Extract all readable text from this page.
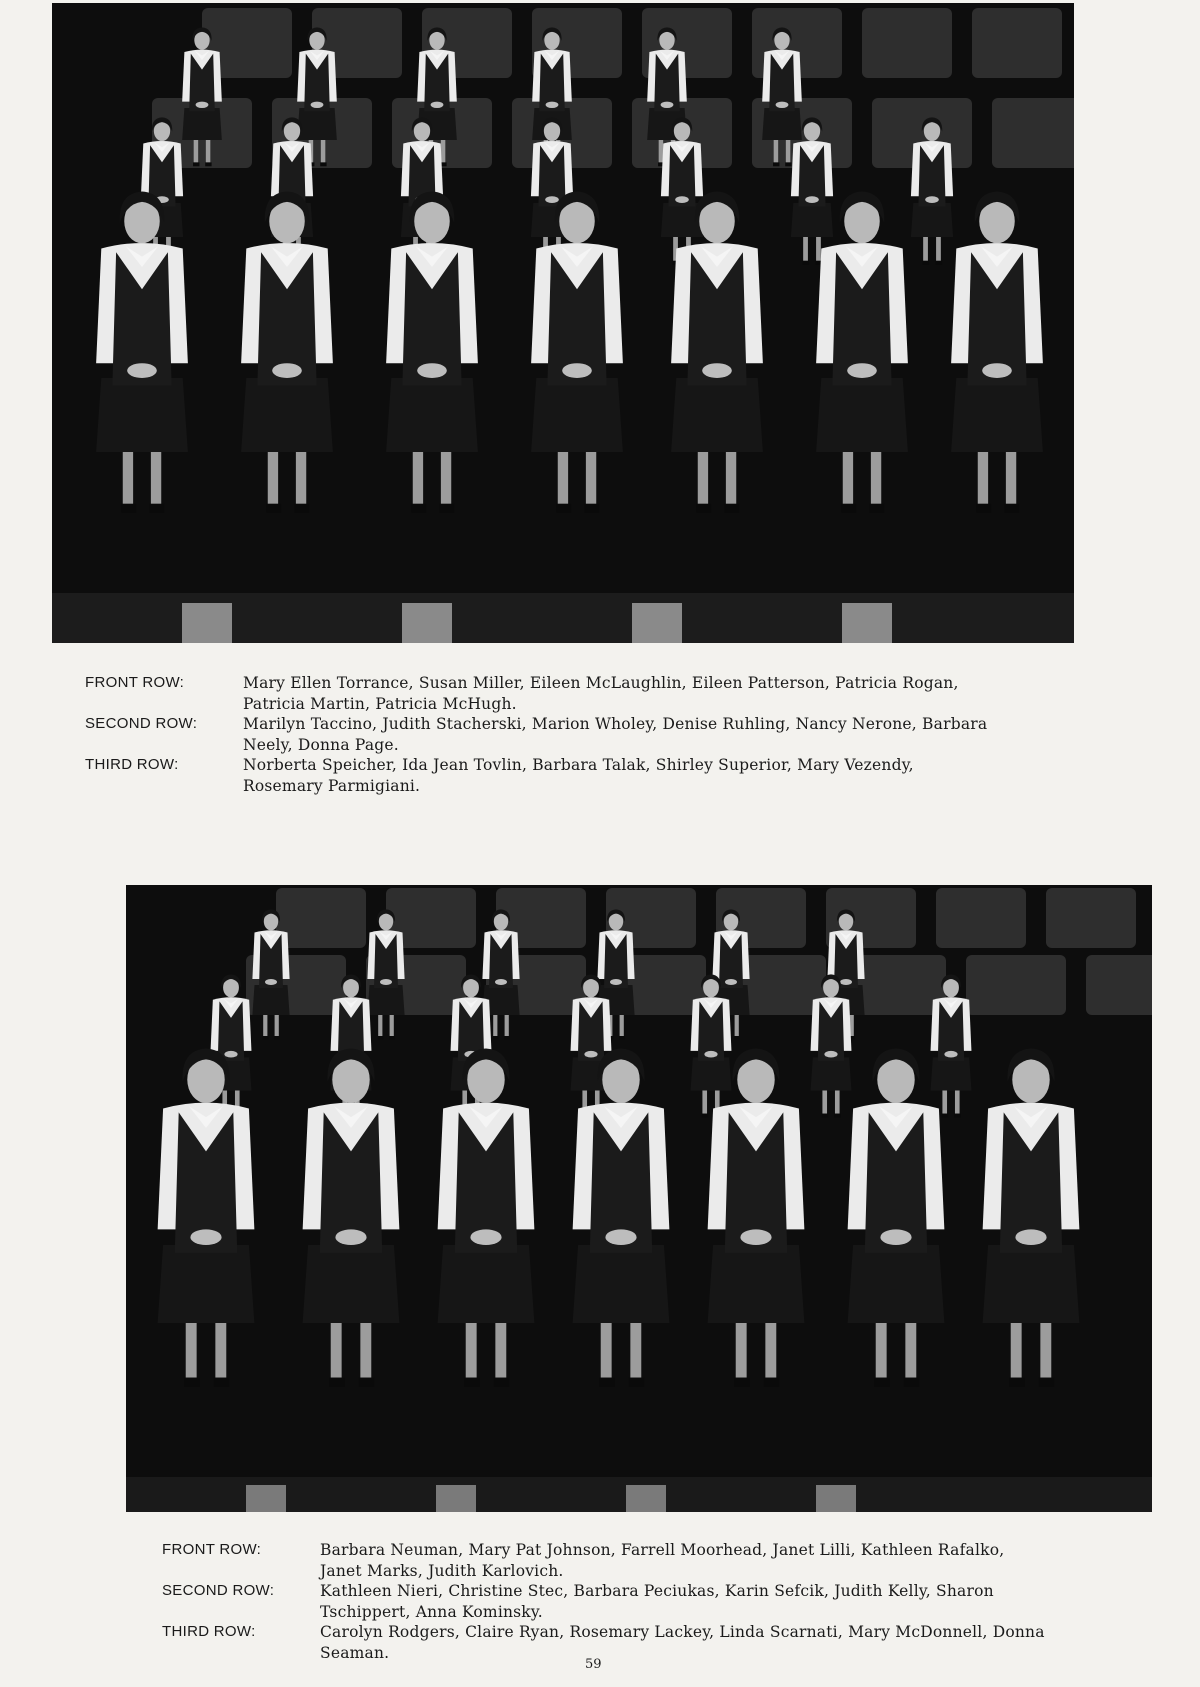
FRONT ROW:	Mary Ellen Torrance, Susan Miller, Eileen McLaughlin, Eileen Patterson, Patricia Rogan,
Patricia Martin, Patricia McHugh.
SECOND ROW:	Marilyn Taccino, Judith Stacherski, Marion Wholey, Denise Ruhling, Nancy Nerone, Barbara
Neely, Donna Page.
THIRD ROW:	Norberta Speicher, Ida Jean Tovlin, Barbara Talak, Shirley Superior, Mary Vezendy,
Rosemary Parmigiani.
FRONT ROW:	Barbara Neuman, Mary Pat Johnson, Farrell Moorhead, Janet Lilli, Kathleen Rafalko,
Janet Marks, Judith Karlovich.
SECOND ROW:	Kathleen Nieri, Christine Stec, Barbara Peciukas, Karin Sefcik, Judith Kelly, Sharon
Tschippert, Anna Kominsky.
THIRD ROW:	Carolyn Rodgers, Claire Ryan, Rosemary Lackey, Linda Scarnati, Mary McDonnell, Donna
Seaman.
59
